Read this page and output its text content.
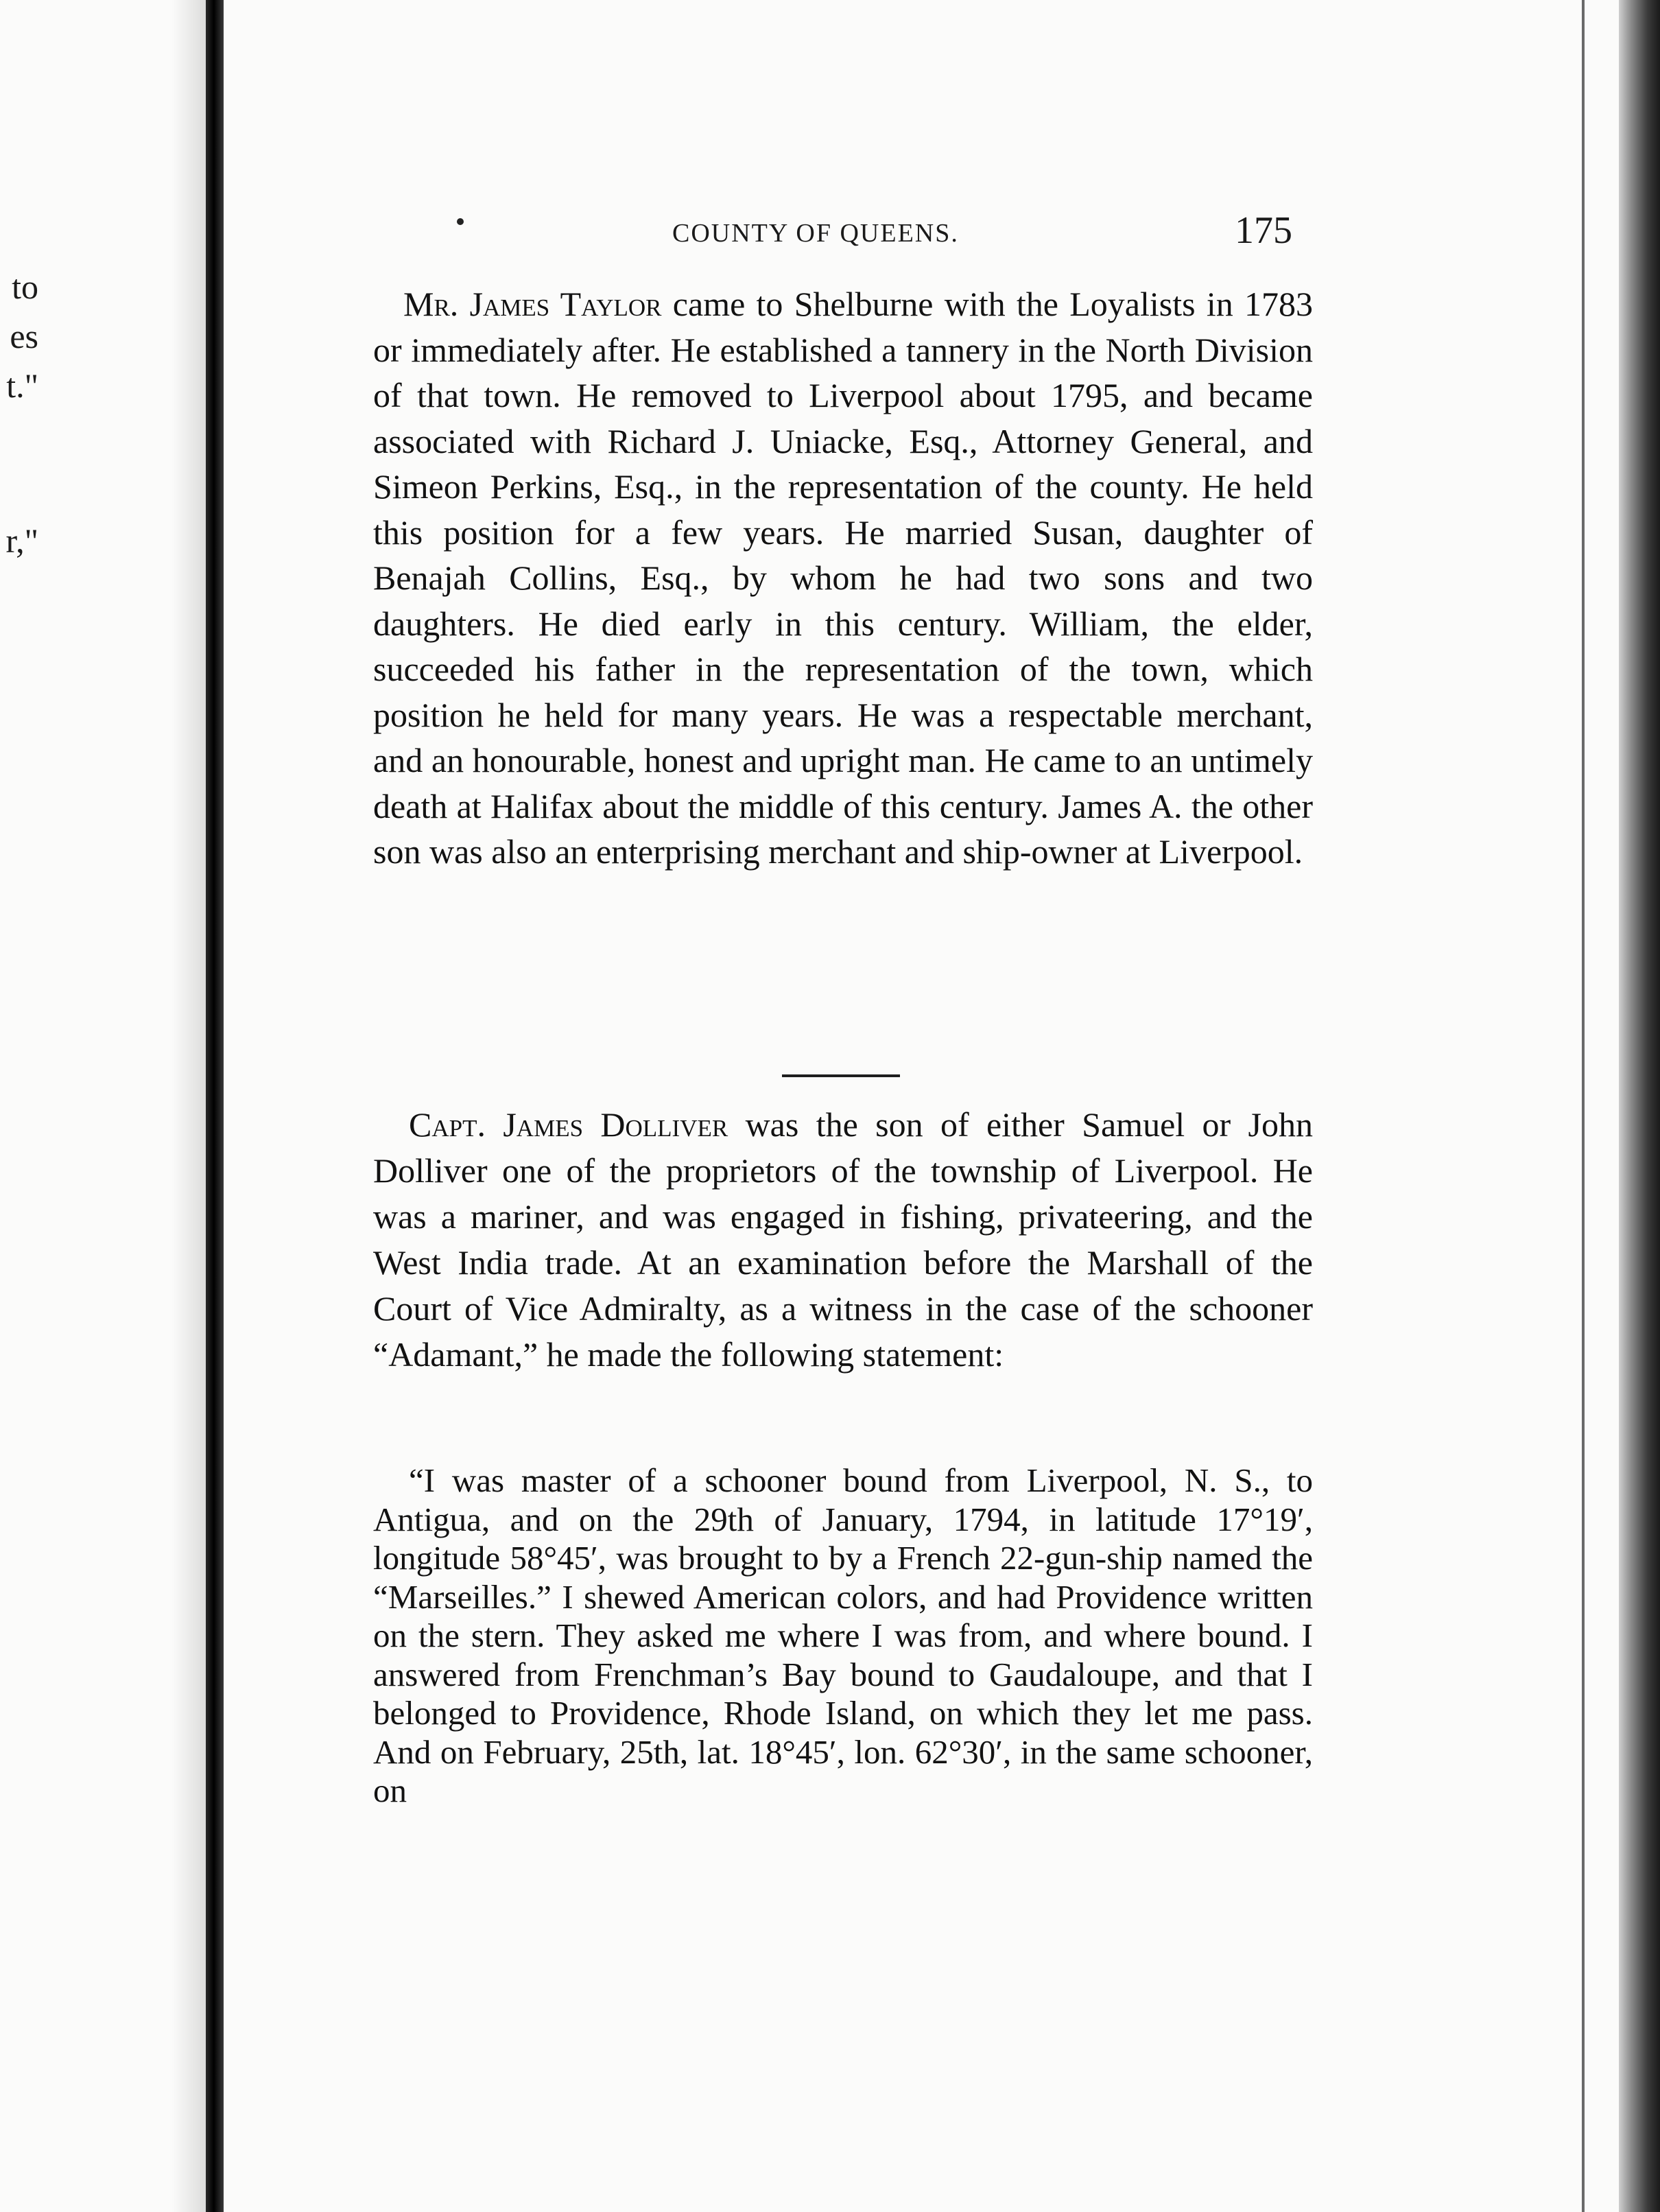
to
es
t."
r,"
COUNTY OF QUEENS.	175
Mr. James Taylor came to Shelburne with the Loyalists in 1783 or immediately after. He established a tannery in the North Division of that town. He removed to Liverpool about 1795, and became associated with Richard J. Uniacke, Esq., Attorney General, and Simeon Perkins, Esq., in the representation of the county. He held this position for a few years. He married Susan, daughter of Benajah Collins, Esq., by whom he had two sons and two daughters. He died early in this century. William, the elder, succeeded his father in the representation of the town, which position he held for many years. He was a respectable merchant, and an honourable, honest and upright man. He came to an untimely death at Halifax about the middle of this century. James A. the other son was also an enterprising merchant and ship-owner at Liverpool.
Capt. James Dolliver was the son of either Samuel or John Dolliver one of the proprietors of the township of Liverpool. He was a mariner, and was engaged in fishing, privateering, and the West India trade. At an examination before the Marshall of the Court of Vice Admiralty, as a witness in the case of the schooner “Adamant,” he made the following statement:
“I was master of a schooner bound from Liverpool, N. S., to Antigua, and on the 29th of January, 1794, in latitude 17°19′, longitude 58°45′, was brought to by a French 22-gun-ship named the “Marseilles.” I shewed American colors, and had Providence written on the stern. They asked me where I was from, and where bound. I answered from Frenchman’s Bay bound to Gaudaloupe, and that I belonged to Providence, Rhode Island, on which they let me pass. And on February, 25th, lat. 18°45′, lon. 62°30′, in the same schooner, on
